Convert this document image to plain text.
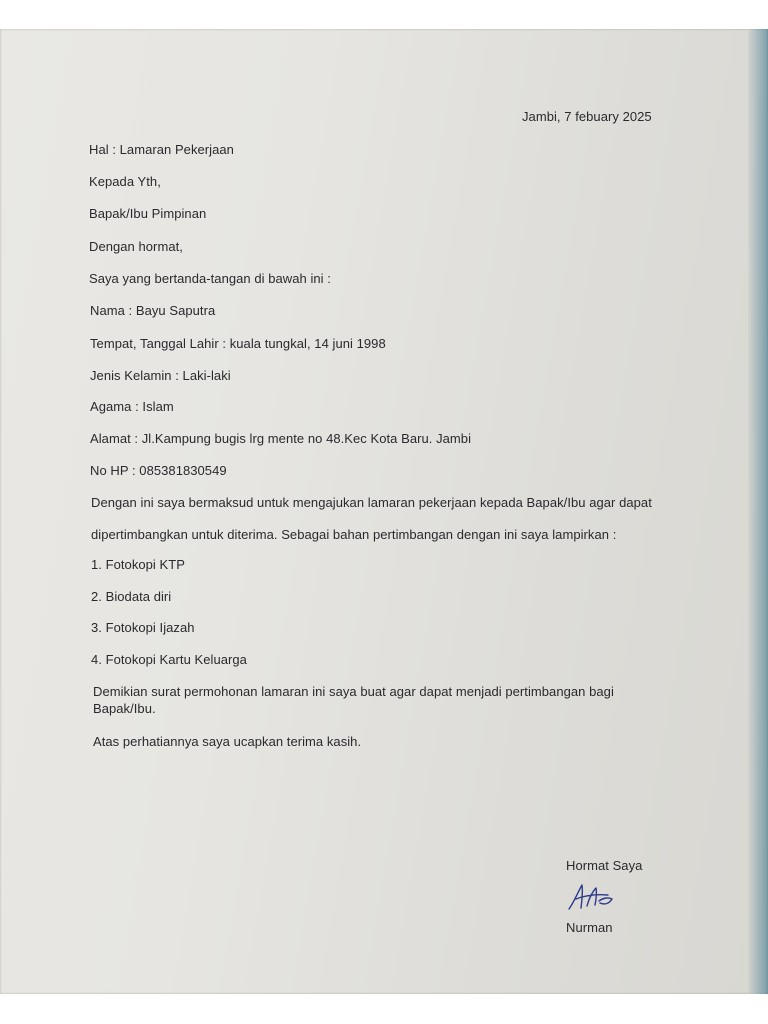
Jambi, 7 febuary 2025
Hal : Lamaran Pekerjaan
Kepada Yth,
Bapak/Ibu Pimpinan
Dengan hormat,
Saya yang bertanda-tangan di bawah ini :
Nama : Bayu Saputra
Tempat, Tanggal Lahir : kuala tungkal, 14 juni 1998
Jenis Kelamin : Laki-laki
Agama : Islam
Alamat : Jl.Kampung bugis lrg mente no 48.Kec Kota Baru. Jambi
No HP : 085381830549
Dengan ini saya bermaksud untuk mengajukan lamaran pekerjaan kepada Bapak/Ibu agar dapat
dipertimbangkan untuk diterima. Sebagai bahan pertimbangan dengan ini saya lampirkan :
1. Fotokopi KTP
2. Biodata diri
3. Fotokopi Ijazah
4. Fotokopi Kartu Keluarga
Demikian surat permohonan lamaran ini saya buat agar dapat menjadi pertimbangan bagi
Bapak/Ibu.
Atas perhatiannya saya ucapkan terima kasih.
Hormat Saya
Nurman
